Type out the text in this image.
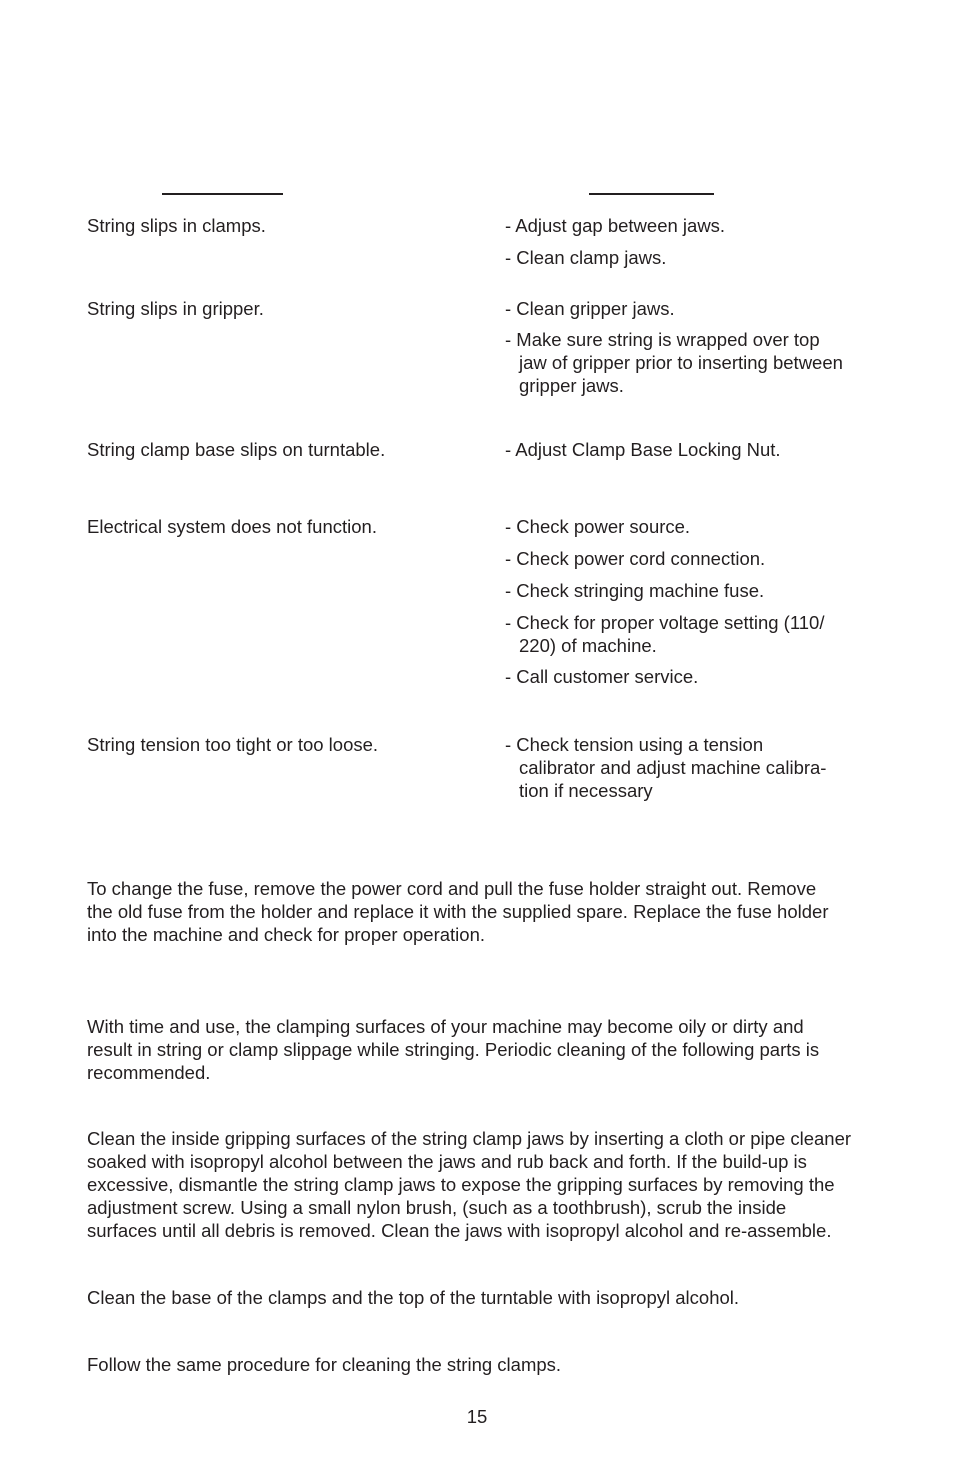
String slips in clamps.	- Adjust gap between jaws.
- Clean clamp jaws.
String slips in gripper.	- Clean gripper jaws.
- Make sure string is wrapped over top
jaw of gripper prior to inserting between
gripper jaws.
String clamp base slips on turntable.	- Adjust Clamp Base Locking Nut.
Electrical system does not function.	- Check power source.
- Check power cord connection.
- Check stringing machine fuse.
- Check for proper voltage setting (110/
220) of machine.
- Call customer service.
String tension too tight or too loose.	- Check tension using a tension
calibrator and adjust machine calibra-
tion if necessary
To change the fuse, remove the power cord and pull the fuse holder straight out. Remove
the old fuse from the holder and replace it with the supplied spare. Replace the fuse holder
into the machine and check for proper operation.
With time and use, the clamping surfaces of your machine may become oily or dirty and
result in string or clamp slippage while stringing. Periodic cleaning of the following parts is
recommended.
Clean the inside gripping surfaces of the string clamp jaws by inserting a cloth or pipe cleaner
soaked with isopropyl alcohol between the jaws and rub back and forth. If the build-up is
excessive, dismantle the string clamp jaws to expose the gripping surfaces by removing the
adjustment screw. Using a small nylon brush, (such as a toothbrush), scrub the inside
surfaces until all debris is removed. Clean the jaws with isopropyl alcohol and re-assemble.
Clean the base of the clamps and the top of the turntable with isopropyl alcohol.
Follow the same procedure for cleaning the string clamps.
15
